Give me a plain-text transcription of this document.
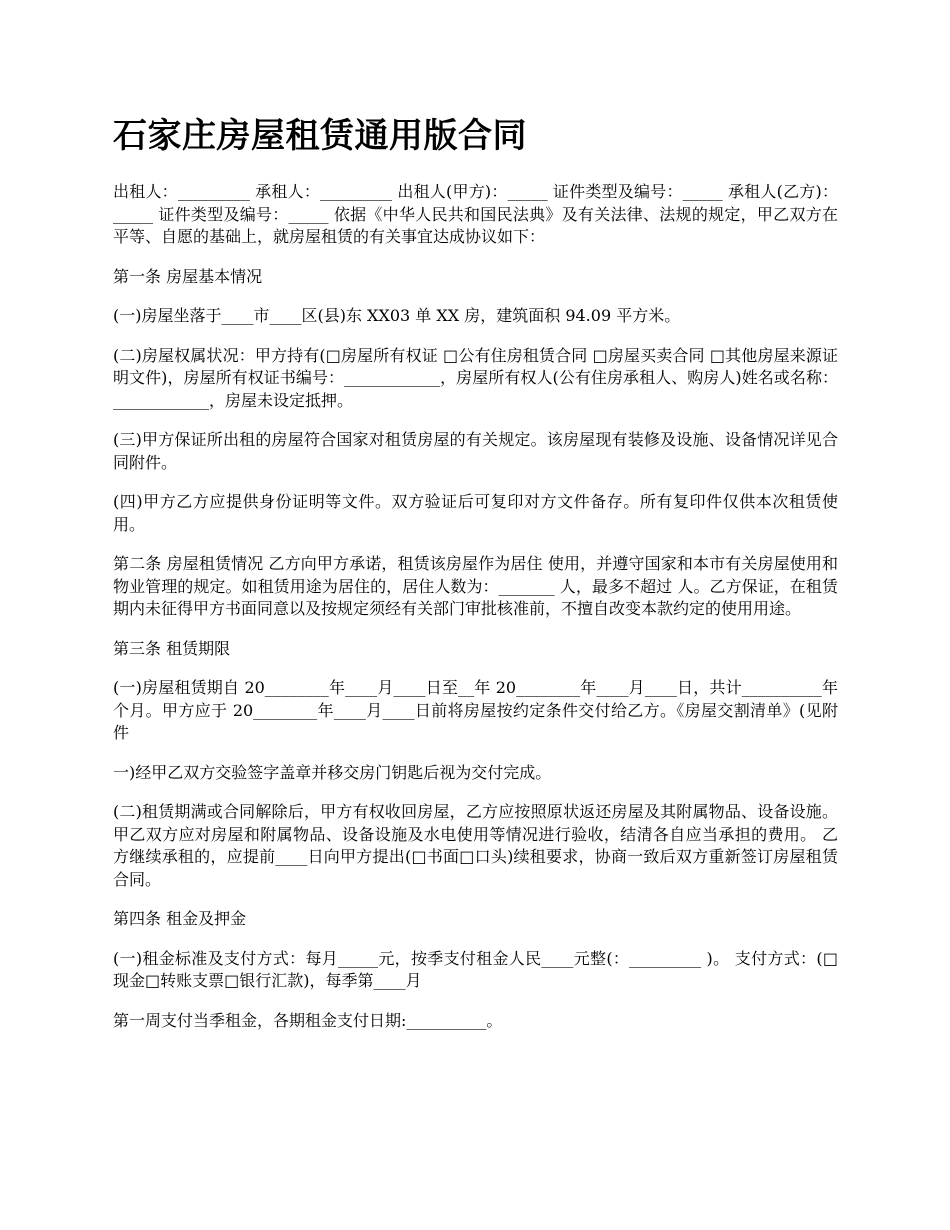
石家庄房屋租赁通用版合同

出租人：_________ 承租人：_________ 出租人(甲方)：_____ 证件类型及编号：_____ 承租人(乙方)：_____ 证件类型及编号：_____ 依据《中华人民共和国民法典》及有关法律、法规的规定，甲乙双方在平等、自愿的基础上，就房屋租赁的有关事宜达成协议如下：

第一条 房屋基本情况

(一)房屋坐落于____市____区(县)东 XX03 单 XX 房，建筑面积 94.09 平方米。

(二)房屋权属状况：甲方持有(□房屋所有权证 □公有住房租赁合同 □房屋买卖合同 □其他房屋来源证明文件)，房屋所有权证书编号：____________，房屋所有权人(公有住房承租人、购房人)姓名或名称：____________，房屋未设定抵押。

(三)甲方保证所出租的房屋符合国家对租赁房屋的有关规定。该房屋现有装修及设施、设备情况详见合同附件。

(四)甲方乙方应提供身份证明等文件。双方验证后可复印对方文件备存。所有复印件仅供本次租赁使用。

第二条 房屋租赁情况 乙方向甲方承诺，租赁该房屋作为居住 使用，并遵守国家和本市有关房屋使用和物业管理的规定。如租赁用途为居住的，居住人数为：_______ 人，最多不超过 人。乙方保证，在租赁期内未征得甲方书面同意以及按规定须经有关部门审批核准前，不擅自改变本款约定的使用用途。

第三条 租赁期限

(一)房屋租赁期自 20________年____月____日至__年 20________年____月____日，共计__________年个月。甲方应于 20________年____月____日前将房屋按约定条件交付给乙方。《房屋交割清单》(见附件

一)经甲乙双方交验签字盖章并移交房门钥匙后视为交付完成。

(二)租赁期满或合同解除后，甲方有权收回房屋，乙方应按照原状返还房屋及其附属物品、设备设施。甲乙双方应对房屋和附属物品、设备设施及水电使用等情况进行验收，结清各自应当承担的费用。 乙方继续承租的，应提前____日向甲方提出(□书面□口头)续租要求，协商一致后双方重新签订房屋租赁合同。

第四条 租金及押金

(一)租金标准及支付方式：每月_____元，按季支付租金人民____元整(：_________ )。 支付方式：(□现金□转账支票□银行汇款)，每季第____月

第一周支付当季租金，各期租金支付日期:__________。
